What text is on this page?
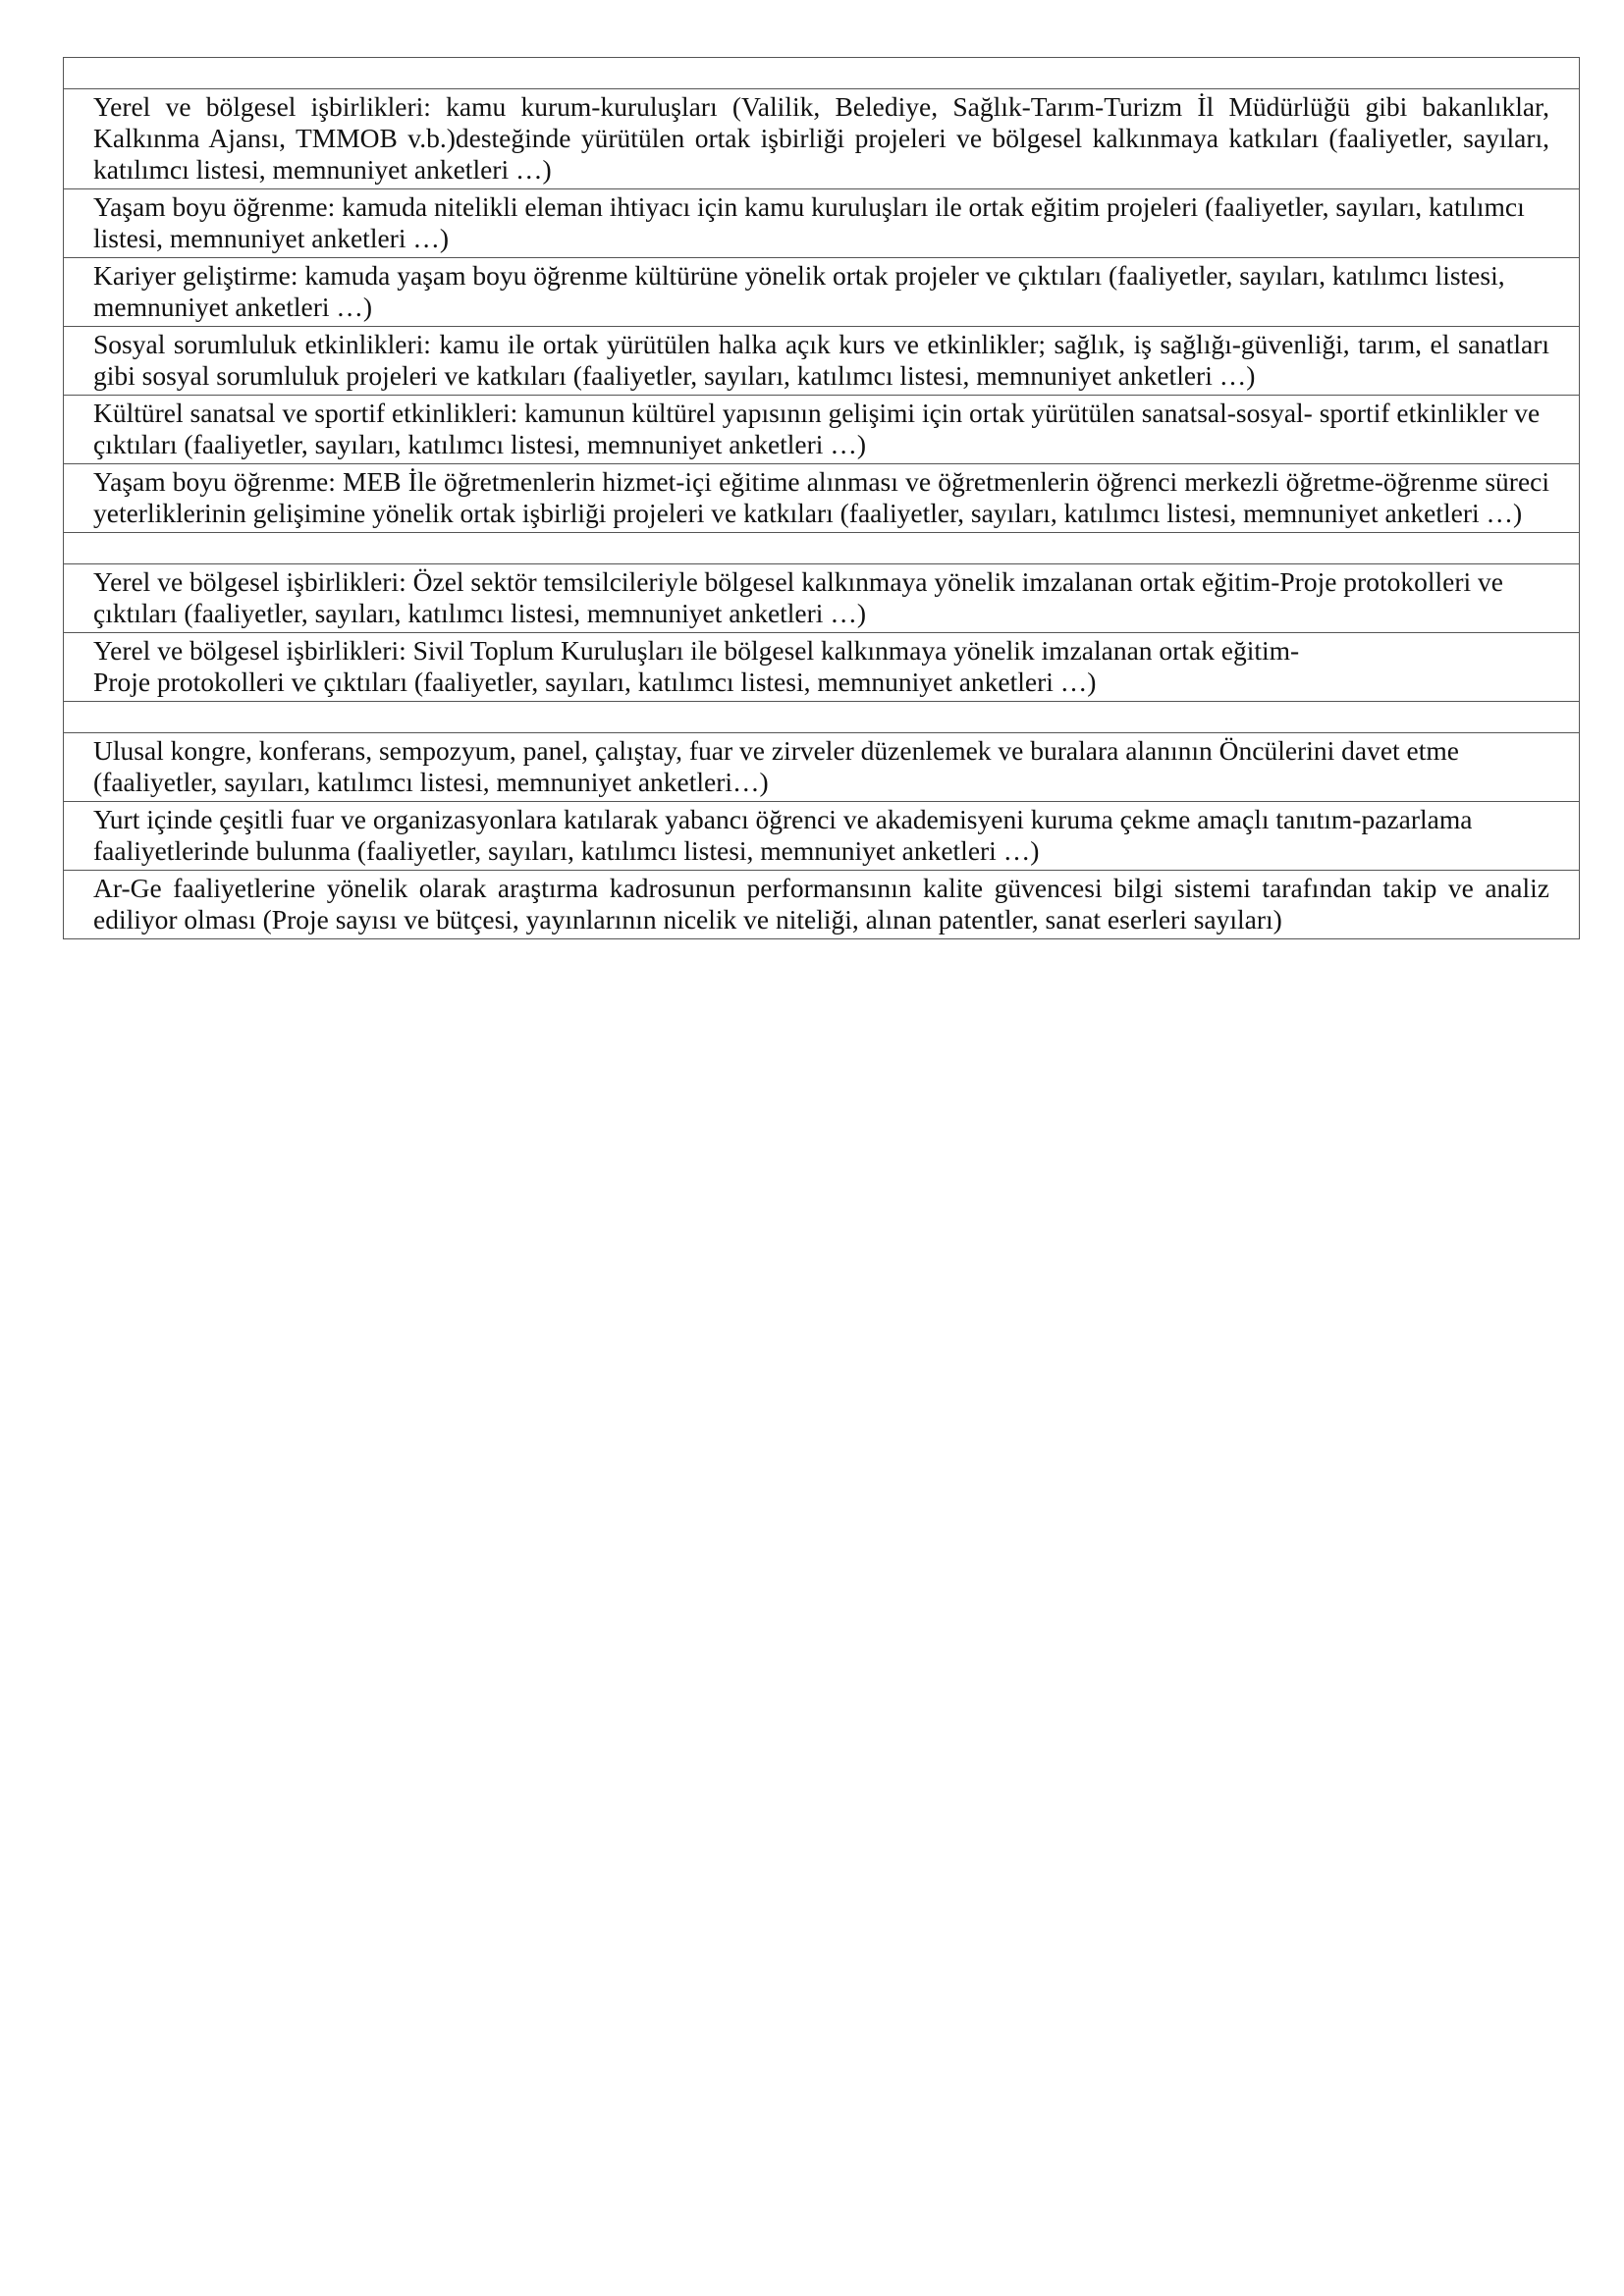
Yerel ve bölgesel işbirlikleri: kamu kurum-kuruluşları (Valilik, Belediye, Sağlık-Tarım-Turizm İl Müdürlüğü gibi bakanlıklar, Kalkınma Ajansı, TMMOB v.b.)desteğinde yürütülen ortak işbirliği projeleri ve bölgesel kalkınmaya katkıları (faaliyetler, sayıları, katılımcı listesi, memnuniyet anketleri …)
Yaşam boyu öğrenme: kamuda nitelikli eleman ihtiyacı için kamu kuruluşları ile ortak eğitim projeleri (faaliyetler, sayıları, katılımcı listesi, memnuniyet anketleri …)
Kariyer geliştirme: kamuda yaşam boyu öğrenme kültürüne yönelik ortak projeler ve çıktıları (faaliyetler, sayıları, katılımcı listesi, memnuniyet anketleri …)
Sosyal sorumluluk etkinlikleri: kamu ile ortak yürütülen halka açık kurs ve etkinlikler; sağlık, iş sağlığı-güvenliği, tarım, el sanatları gibi sosyal sorumluluk projeleri ve katkıları (faaliyetler, sayıları, katılımcı listesi, memnuniyet anketleri …)
Kültürel sanatsal ve sportif etkinlikleri: kamunun kültürel yapısının gelişimi için ortak yürütülen sanatsal-sosyal- sportif etkinlikler ve çıktıları (faaliyetler, sayıları, katılımcı listesi, memnuniyet anketleri …)
Yaşam boyu öğrenme: MEB İle öğretmenlerin hizmet-içi eğitime alınması ve öğretmenlerin öğrenci merkezli öğretme-öğrenme süreci yeterliklerinin gelişimine yönelik ortak işbirliği projeleri ve katkıları (faaliyetler, sayıları, katılımcı listesi, memnuniyet anketleri …)

Yerel ve bölgesel işbirlikleri: Özel sektör temsilcileriyle bölgesel kalkınmaya yönelik imzalanan ortak eğitim-Proje protokolleri ve çıktıları (faaliyetler, sayıları, katılımcı listesi, memnuniyet anketleri …)

Yerel ve bölgesel işbirlikleri: Sivil Toplum Kuruluşları ile bölgesel kalkınmaya yönelik imzalanan ortak eğitim-
Proje protokolleri ve çıktıları (faaliyetler, sayıları, katılımcı listesi, memnuniyet anketleri …)

Ulusal kongre, konferans, sempozyum, panel, çalıştay, fuar ve zirveler düzenlemek ve buralara alanının Öncülerini davet etme (faaliyetler, sayıları, katılımcı listesi, memnuniyet anketleri…)
Yurt içinde çeşitli fuar ve organizasyonlara katılarak yabancı öğrenci ve akademisyeni kuruma çekme amaçlı tanıtım-pazarlama faaliyetlerinde bulunma (faaliyetler, sayıları, katılımcı listesi, memnuniyet anketleri …)
Ar-Ge faaliyetlerine yönelik olarak araştırma kadrosunun performansının kalite güvencesi bilgi sistemi tarafından takip ve analiz ediliyor olması (Proje sayısı ve bütçesi, yayınlarının nicelik ve niteliği, alınan patentler, sanat eserleri sayıları)
